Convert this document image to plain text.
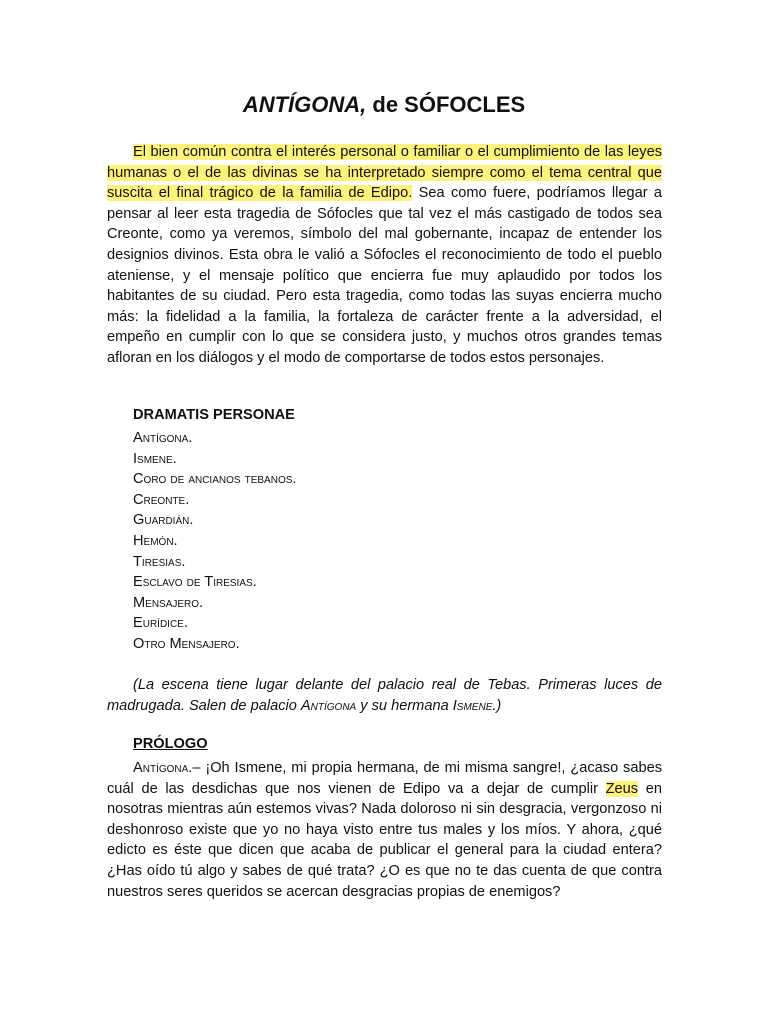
ANTÍGONA, de SÓFOCLES

El bien común contra el interés personal o familiar o el cumplimiento de las leyes humanas o el de las divinas se ha interpretado siempre como el tema central que suscita el final trágico de la familia de Edipo. Sea como fuere, podríamos llegar a pensar al leer esta tragedia de Sófocles que tal vez el más castigado de todos sea Creonte, como ya veremos, símbolo del mal gobernante, incapaz de entender los designios divinos. Esta obra le valió a Sófocles el reconocimiento de todo el pueblo ateniense, y el mensaje político que encierra fue muy aplaudido por todos los habitantes de su ciudad. Pero esta tragedia, como todas las suyas encierra mucho más: la fidelidad a la familia, la fortaleza de carácter frente a la adversidad, el empeño en cumplir con lo que se considera justo, y muchos otros grandes temas afloran en los diálogos y el modo de comportarse de todos estos personajes.

DRAMATIS PERSONAE
Antígona.
Ismene.
Coro de ancianos tebanos.
Creonte.
Guardián.
Hemón.
Tiresias.
Esclavo de Tiresias.
Mensajero.
Eurídice.
Otro Mensajero.

(La escena tiene lugar delante del palacio real de Tebas. Primeras luces de madrugada. Salen de palacio Antígona y su hermana Ismene.)

PRÓLOGO

Antígona.– ¡Oh Ismene, mi propia hermana, de mi misma sangre!, ¿acaso sabes cuál de las desdichas que nos vienen de Edipo va a dejar de cumplir Zeus en nosotras mientras aún estemos vivas? Nada doloroso ni sin desgracia, vergonzoso ni deshonroso existe que yo no haya visto entre tus males y los míos. Y ahora, ¿qué edicto es éste que dicen que acaba de publicar el general para la ciudad entera? ¿Has oído tú algo y sabes de qué trata? ¿O es que no te das cuenta de que contra nuestros seres queridos se acercan desgracias propias de enemigos?
